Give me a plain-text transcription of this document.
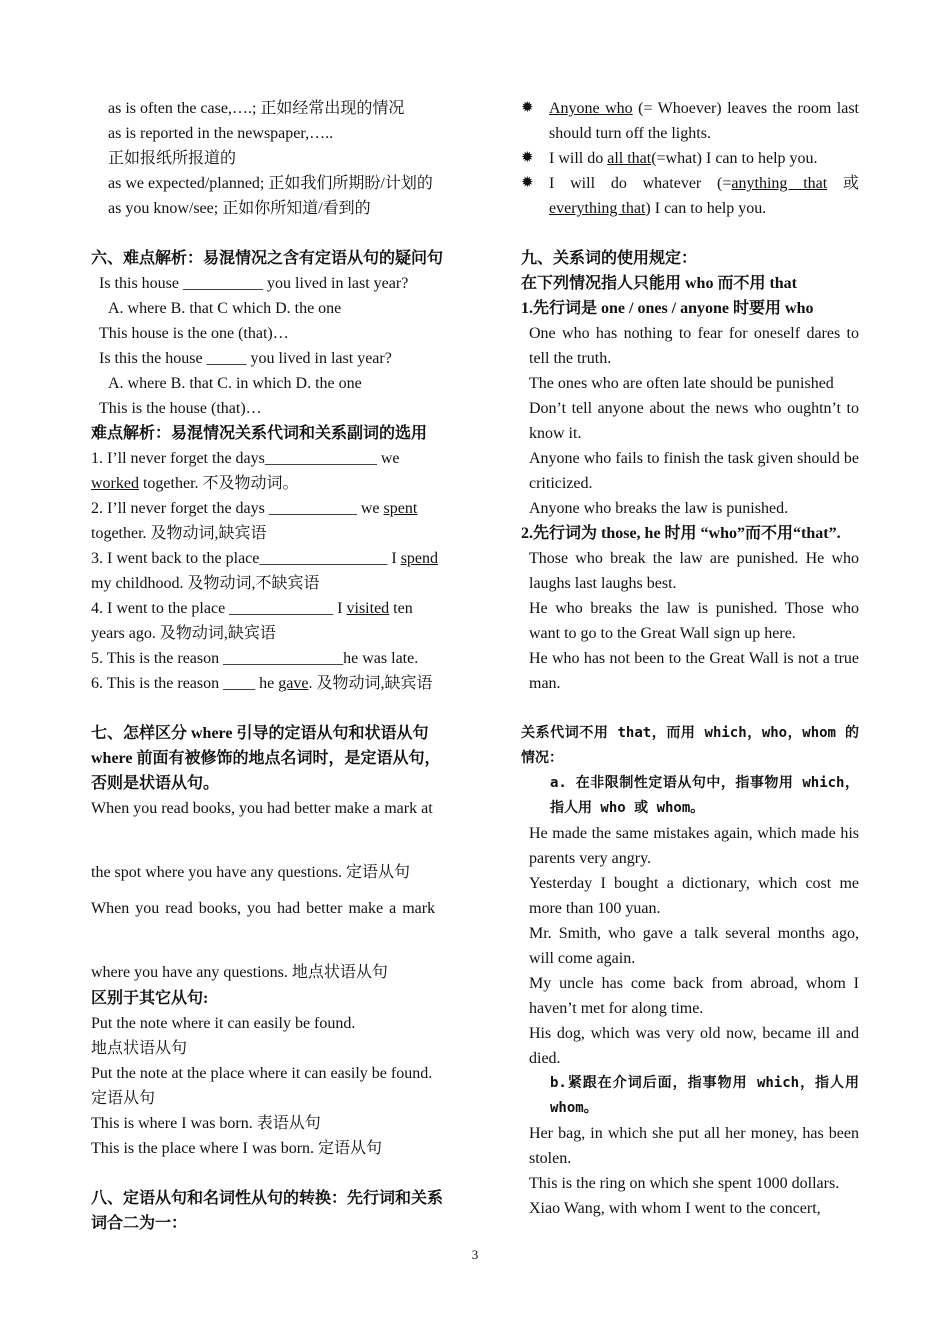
as is often the case,….; 正如经常出现的情况
as is reported in the newspaper,…..
正如报纸所报道的
as we expected/planned; 正如我们所期盼/计划的
as you know/see; 正如你所知道/看到的
六、难点解析：易混情况之含有定语从句的疑问句
Is this house __________ you lived in last year?
A. where B. that C which D. the one
This house is the one (that)…
Is this the house _____ you lived in last year?
A. where B. that C. in which D. the one
This is the house (that)…
难点解析：易混情况关系代词和关系副词的选用
1. I’ll never forget the days______________ we
worked together. 不及物动词。
2. I’ll never forget the days ___________ we spent
together. 及物动词,缺宾语
3. I went back to the place________________ I spend
my childhood. 及物动词,不缺宾语
4. I went to the place _____________ I visited ten
years ago. 及物动词,缺宾语
5. This is the reason _______________he was late.
6. This is the reason ____ he gave. 及物动词,缺宾语
七、怎样区分 where 引导的定语从句和状语从句
where 前面有被修饰的地点名词时，是定语从句，
否则是状语从句。
When you read books, you had better make a mark at
the spot where you have any questions. 定语从句
When you read books, you had better make a mark
where you have any questions. 地点状语从句
区别于其它从句:
Put the note where it can easily be found.
地点状语从句
Put the note at the place where it can easily be found.
定语从句
This is where I was born. 表语从句
This is the place where I was born. 定语从句
八、定语从句和名词性从句的转换：先行词和关系
词合二为一：
✹ Anyone who (= Whoever) leaves the room last should turn off the lights.
✹ I will do all that(=what) I can to help you.
✹ I will do whatever (=anything that 或 everything that) I can to help you.
九、关系词的使用规定：
在下列情况指人只能用 who 而不用 that
1.先行词是 one / ones / anyone 时要用 who
One who has nothing to fear for oneself dares to tell the truth.
The ones who are often late should be punished
Don’t tell anyone about the news who oughtn’t to know it.
Anyone who fails to finish the task given should be criticized.
Anyone who breaks the law is punished.
2.先行词为 those, he 时用 “who”而不用“that”.
Those who break the law are punished. He who laughs last laughs best.
He who breaks the law is punished. Those who want to go to the Great Wall sign up here.
He who has not been to the Great Wall is not a true man.
关系代词不用 that，而用 which，who，whom 的情况：
a. 在非限制性定语从句中，指事物用 which，指人用 who 或 whom。
He made the same mistakes again, which made his parents very angry.
Yesterday I bought a dictionary, which cost me more than 100 yuan.
Mr. Smith, who gave a talk several months ago, will come again.
My uncle has come back from abroad, whom I haven’t met for along time.
His dog, which was very old now, became ill and died.
b.紧跟在介词后面，指事物用 which，指人用 whom。
Her bag, in which she put all her money, has been stolen.
This is the ring on which she spent 1000 dollars.
Xiao Wang, with whom I went to the concert,
3
